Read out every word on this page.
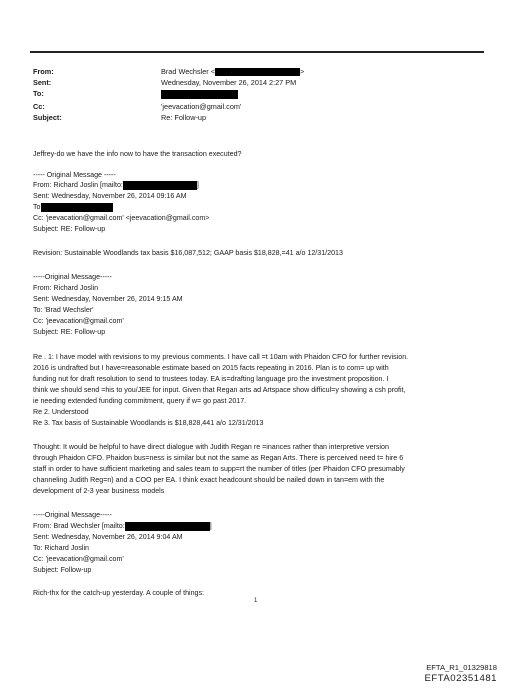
From:	Brad Wechsler <	>
Sent:	Wednesday, November 26, 2014 2:27 PM
To:
Cc:	'jeevacation@gmail.com'
Subject:	Re: Follow-up
Jeffrey-do we have the info now to have the transaction executed?
----- Original Message -----
From: Richard Joslin [mailto:	]
Sent: Wednesday, November 26, 2014 09:16 AM
To
Cc: 'jeevacation@gmail.com' <jeevacation@gmail.com>
Subject: RE: Follow-up
Revision: Sustainable Woodlands tax basis $16,087,512; GAAP basis $18,828,=41 a/o 12/31/2013
-----Original Message-----
From: Richard Joslin
Sent: Wednesday, November 26, 2014 9:15 AM
To: 'Brad Wechsler'
Cc: 'jeevacation@gmail.com'
Subject: RE: Follow-up
Re . 1: I have model with revisions to my previous comments. I have call =t 10am with Phaidon CFO for further revision.
2016 is undrafted but I have=reasonable estimate based on 2015 facts repeating in 2016. Plan is to com= up with
funding nut for draft resolution to send to trustees today. EA is=drafting language pro the investment proposition. I
think we should send =his to you/JEE for input. Given that Regan arts ad Artspace show difficul=y showing a csh profit,
ie needing extended funding commitment, query if w= go past 2017.
Re 2. Understood
Re 3. Tax basis of Sustainable Woodlands is $18,828,441 a/o 12/31/2013
Thought: It would be helpful to have direct dialogue with Judith Regan re =inances rather than interpretive version
through Phaidon CFO. Phaidon bus=ness is similar but not the same as Regan Arts. There is perceived need t= hire 6
staff in order to have sufficient marketing and sales team to supp=rt the number of titles (per Phaidon CFO presumably
channeling Judith Reg=n) and a COO per EA. I think exact headcount should be nailed down in tan=em with the
development of 2-3 year business models
-----Original Message-----
From: Brad Wechsler [mailto:	]
Sent: Wednesday, November 26, 2014 9:04 AM
To: Richard Joslin
Cc: 'jeevacation@gmail.com'
Subject: Follow-up
Rich-thx for the catch-up yesterday. A couple of things:
1
EFTA_R1_01329818
EFTA02351481
